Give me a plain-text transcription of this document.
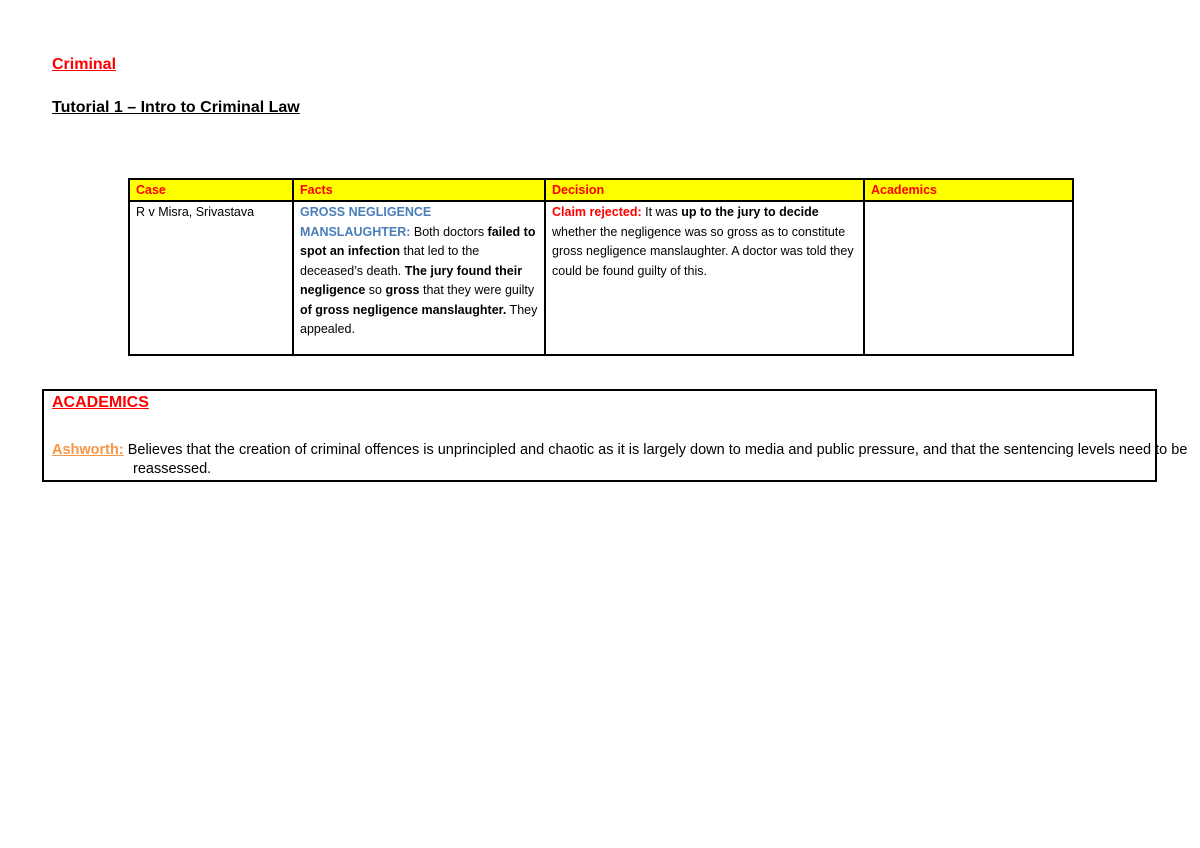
Criminal
Tutorial 1 – Intro to Criminal Law
Case	Facts	Decision	Academics
R v Misra, Srivastava	GROSS NEGLIGENCE MANSLAUGHTER: Both doctors failed to spot an infection that led to the deceased’s death. The jury found their negligence so gross that they were guilty of gross negligence manslaughter. They appealed.	Claim rejected: It was up to the jury to decide whether the negligence was so gross as to constitute gross negligence manslaughter. A doctor was told they could be found guilty of this.	
ACADEMICS
Ashworth: Believes that the creation of criminal offences is unprincipled and chaotic as it is largely down to media and public pressure, and that the sentencing levels need to be reassessed.
